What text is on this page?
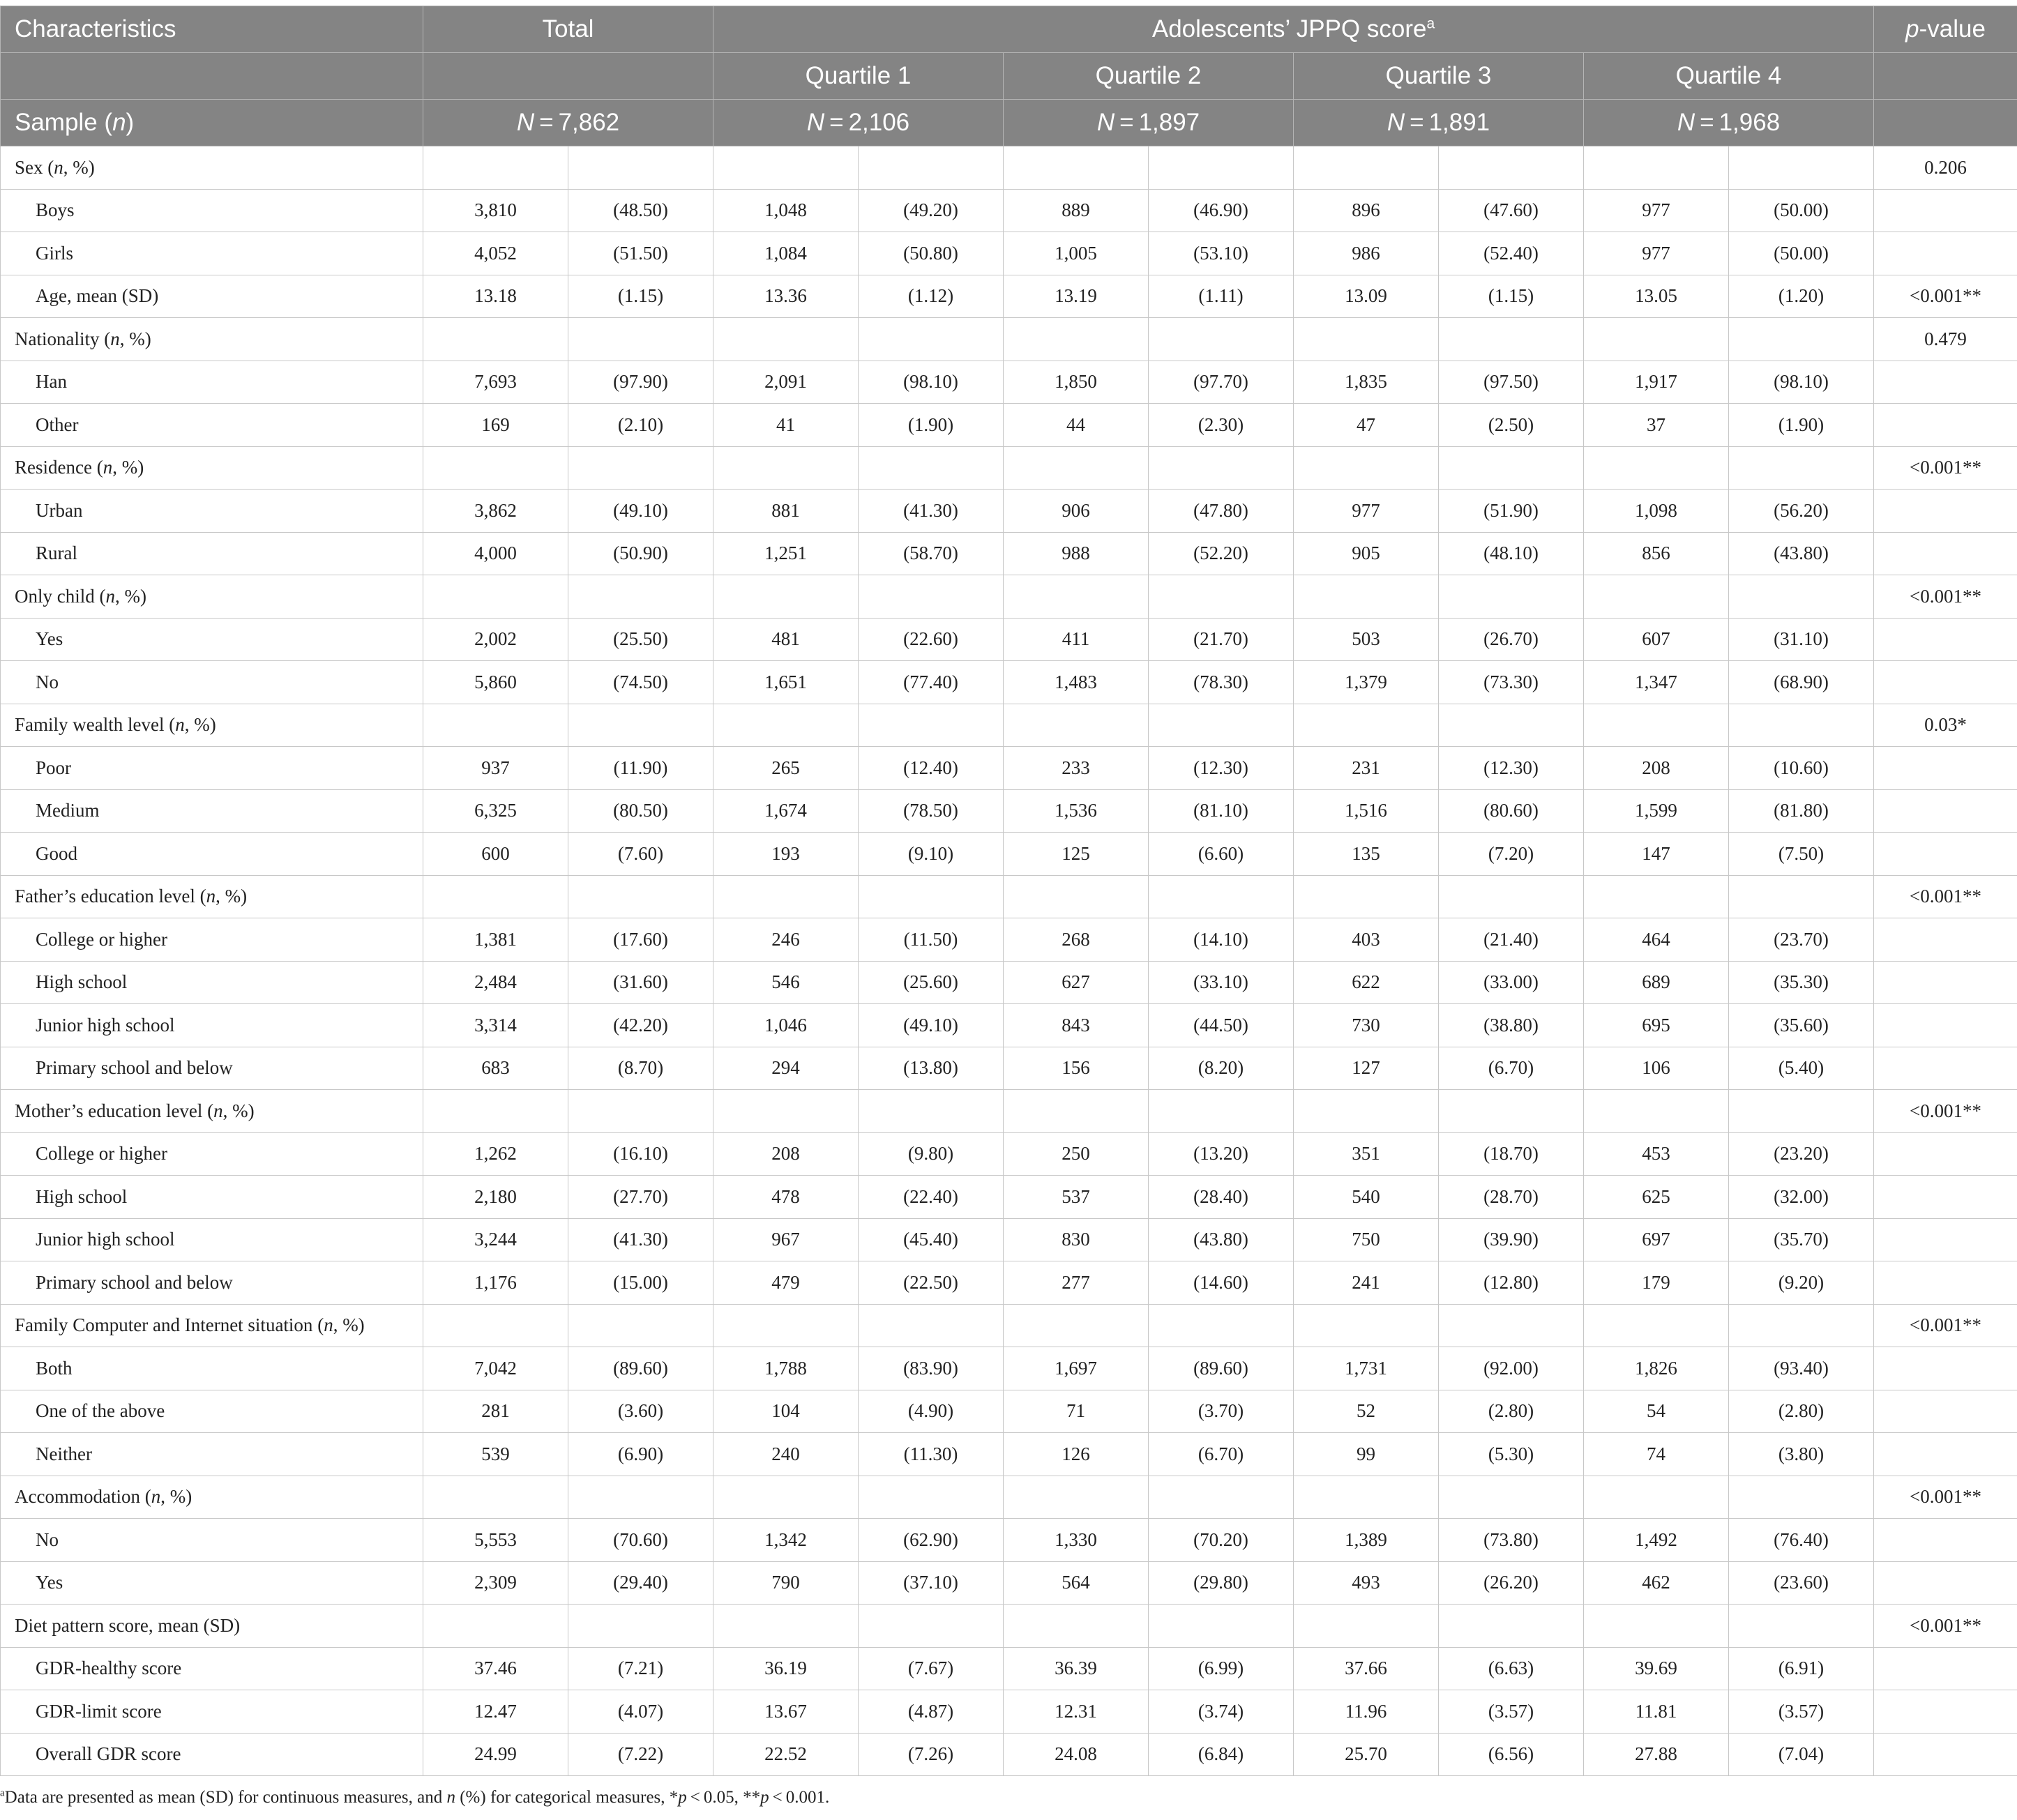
Characteristics	Total		Adolescents’ JPPQ score$^a$								p-value
			Quartile 1		Quartile 2		Quartile 3		Quartile 4		
Sample (n)	N = 7,862		N = 2,106		N = 1,897		N = 1,891		N = 1,968		
Sex (n, %)											0.206
Boys	3,810	(48.50)	1,048	(49.20)	889	(46.90)	896	(47.60)	977	(50.00)	
Girls	4,052	(51.50)	1,084	(50.80)	1,005	(53.10)	986	(52.40)	977	(50.00)	
Age, mean (SD)	13.18	(1.15)	13.36	(1.12)	13.19	(1.11)	13.09	(1.15)	13.05	(1.20)	<0.001**
Nationality (n, %)											0.479
Han	7,693	(97.90)	2,091	(98.10)	1,850	(97.70)	1,835	(97.50)	1,917	(98.10)	
Other	169	(2.10)	41	(1.90)	44	(2.30)	47	(2.50)	37	(1.90)	
Residence (n, %)											<0.001**
Urban	3,862	(49.10)	881	(41.30)	906	(47.80)	977	(51.90)	1,098	(56.20)	
Rural	4,000	(50.90)	1,251	(58.70)	988	(52.20)	905	(48.10)	856	(43.80)	
Only child (n, %)											<0.001**
Yes	2,002	(25.50)	481	(22.60)	411	(21.70)	503	(26.70)	607	(31.10)	
No	5,860	(74.50)	1,651	(77.40)	1,483	(78.30)	1,379	(73.30)	1,347	(68.90)	
Family wealth level (n, %)											0.03*
Poor	937	(11.90)	265	(12.40)	233	(12.30)	231	(12.30)	208	(10.60)	
Medium	6,325	(80.50)	1,674	(78.50)	1,536	(81.10)	1,516	(80.60)	1,599	(81.80)	
Good	600	(7.60)	193	(9.10)	125	(6.60)	135	(7.20)	147	(7.50)	
Father’s education level (n, %)											<0.001**
College or higher	1,381	(17.60)	246	(11.50)	268	(14.10)	403	(21.40)	464	(23.70)	
High school	2,484	(31.60)	546	(25.60)	627	(33.10)	622	(33.00)	689	(35.30)	
Junior high school	3,314	(42.20)	1,046	(49.10)	843	(44.50)	730	(38.80)	695	(35.60)	
Primary school and below	683	(8.70)	294	(13.80)	156	(8.20)	127	(6.70)	106	(5.40)	
Mother’s education level (n, %)											<0.001**
College or higher	1,262	(16.10)	208	(9.80)	250	(13.20)	351	(18.70)	453	(23.20)	
High school	2,180	(27.70)	478	(22.40)	537	(28.40)	540	(28.70)	625	(32.00)	
Junior high school	3,244	(41.30)	967	(45.40)	830	(43.80)	750	(39.90)	697	(35.70)	
Primary school and below	1,176	(15.00)	479	(22.50)	277	(14.60)	241	(12.80)	179	(9.20)	
Family Computer and Internet situation (n, %)											<0.001**
Both	7,042	(89.60)	1,788	(83.90)	1,697	(89.60)	1,731	(92.00)	1,826	(93.40)	
One of the above	281	(3.60)	104	(4.90)	71	(3.70)	52	(2.80)	54	(2.80)	
Neither	539	(6.90)	240	(11.30)	126	(6.70)	99	(5.30)	74	(3.80)	
Accommodation (n, %)											<0.001**
No	5,553	(70.60)	1,342	(62.90)	1,330	(70.20)	1,389	(73.80)	1,492	(76.40)	
Yes	2,309	(29.40)	790	(37.10)	564	(29.80)	493	(26.20)	462	(23.60)	
Diet pattern score, mean (SD)											<0.001**
GDR-healthy score	37.46	(7.21)	36.19	(7.67)	36.39	(6.99)	37.66	(6.63)	39.69	(6.91)	
GDR-limit score	12.47	(4.07)	13.67	(4.87)	12.31	(3.74)	11.96	(3.57)	11.81	(3.57)	
Overall GDR score	24.99	(7.22)	22.52	(7.26)	24.08	(6.84)	25.70	(6.56)	27.88	(7.04)	
$^a$Data are presented as mean (SD) for continuous measures, and n (%) for categorical measures, *p < 0.05, **p < 0.001.
